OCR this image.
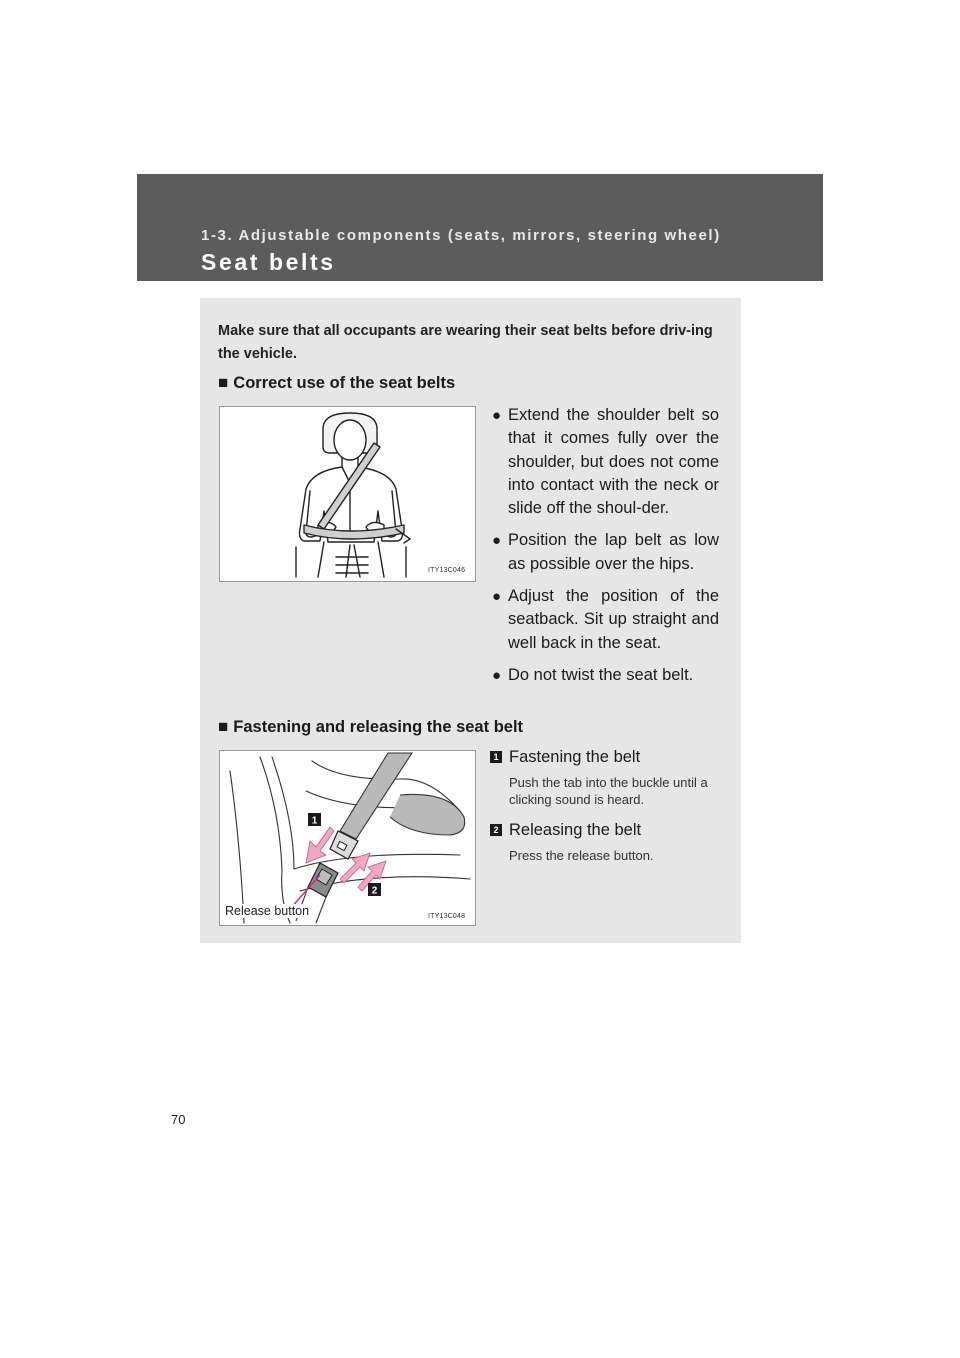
1-3. Adjustable components (seats, mirrors, steering wheel)
Seat belts
Make sure that all occupants are wearing their seat belts before driv-ing the vehicle.
■ Correct use of the seat belts
ITY13C046
● Extend the shoulder belt so that it comes fully over the shoulder, but does not come into contact with the neck or slide off the shoul-der.
● Position the lap belt as low as possible over the hips.
● Adjust the position of the seatback. Sit up straight and well back in the seat.
● Do not twist the seat belt.
■ Fastening and releasing the seat belt
1
2
Release button	ITY13C048
1 Fastening the belt
Push the tab into the buckle until a clicking sound is heard.
2 Releasing the belt
Press the release button.
70
